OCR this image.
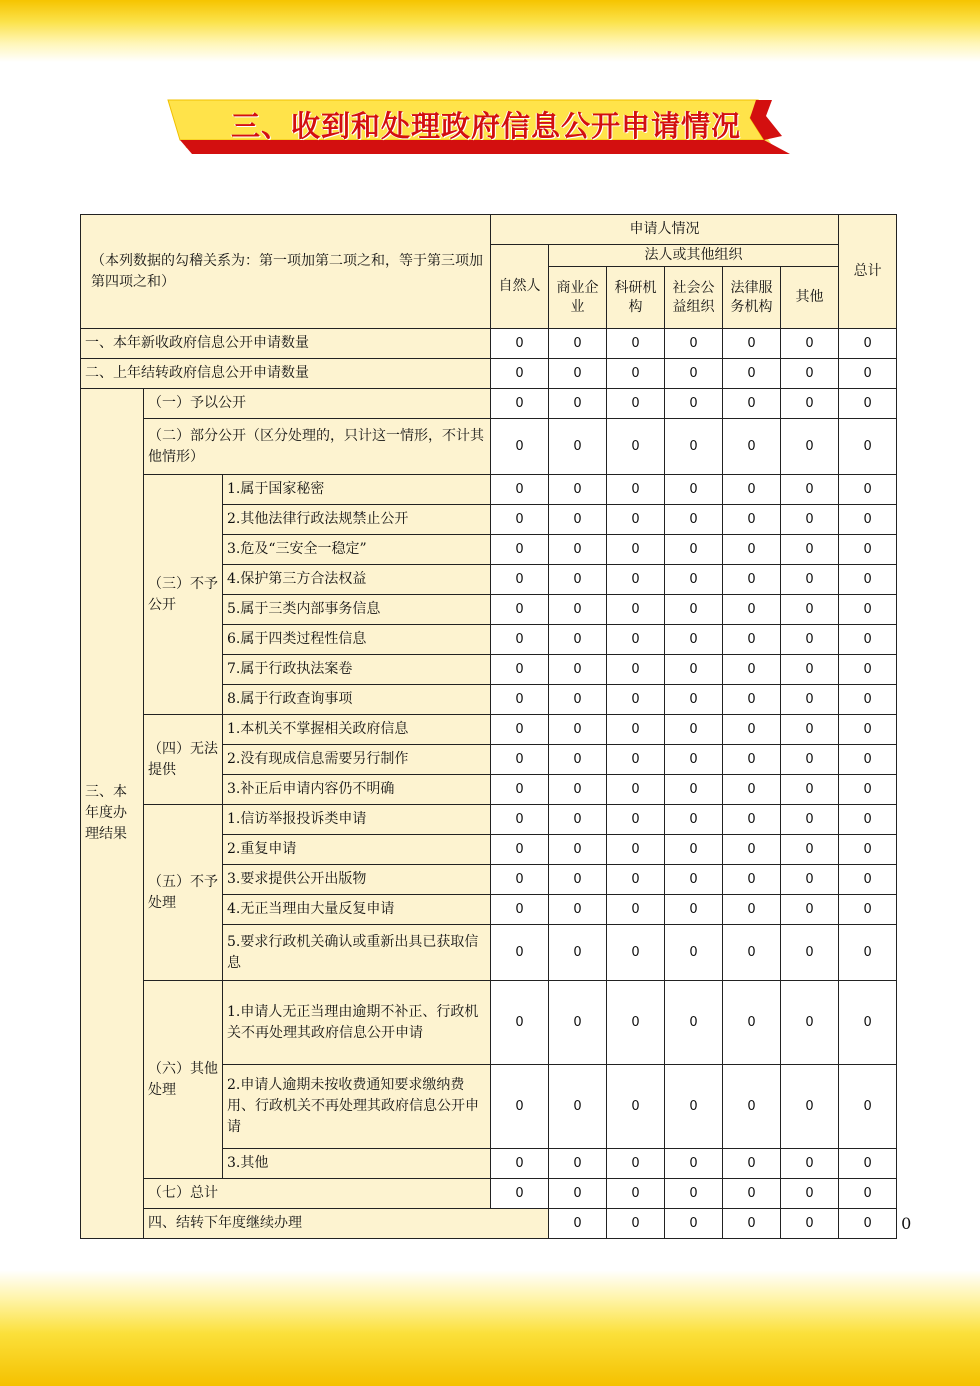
三、收到和处理政府信息公开申请情况
（本列数据的勾稽关系为：第一项加第二项之和，等于第三项加第四项之和）			申请人情况						总计	
			自然人	法人或其他组织						
				商业企业	科研机构	社会公益组织	法律服务机构	其他		
一、本年新收政府信息公开申请数量			0	0	0	0	0	0	0	
二、上年结转政府信息公开申请数量			0	0	0	0	0	0	0	
三、本年度办理结果	（一）予以公开		0	0	0	0	0	0	0	
	（二）部分公开（区分处理的，只计这一情形，不计其他情形）		0	0	0	0	0	0	0	
	（三）不予公开	1.属于国家秘密	0	0	0	0	0	0	0	
		2.其他法律行政法规禁止公开	0	0	0	0	0	0	0	
		3.危及“三安全一稳定”	0	0	0	0	0	0	0	
		4.保护第三方合法权益	0	0	0	0	0	0	0	
		5.属于三类内部事务信息	0	0	0	0	0	0	0	
		6.属于四类过程性信息	0	0	0	0	0	0	0	
		7.属于行政执法案卷	0	0	0	0	0	0	0	
		8.属于行政查询事项	0	0	0	0	0	0	0	
	（四）无法提供	1.本机关不掌握相关政府信息	0	0	0	0	0	0	0	
		2.没有现成信息需要另行制作	0	0	0	0	0	0	0	
		3.补正后申请内容仍不明确	0	0	0	0	0	0	0	
	（五）不予处理	1.信访举报投诉类申请	0	0	0	0	0	0	0	
		2.重复申请	0	0	0	0	0	0	0	
		3.要求提供公开出版物	0	0	0	0	0	0	0	
		4.无正当理由大量反复申请	0	0	0	0	0	0	0	
		5.要求行政机关确认或重新出具已获取信息	0	0	0	0	0	0	0	
	（六）其他处理	1.申请人无正当理由逾期不补正、行政机关不再处理其政府信息公开申请	0	0	0	0	0	0	0	
		2.申请人逾期未按收费通知要求缴纳费用、行政机关不再处理其政府信息公开申请	0	0	0	0	0	0	0	
		3.其他	0	0	0	0	0	0	0	
	（七）总计		0	0	0	0	0	0	0	
	四、结转下年度继续办理			0	0	0	0	0	0	0
